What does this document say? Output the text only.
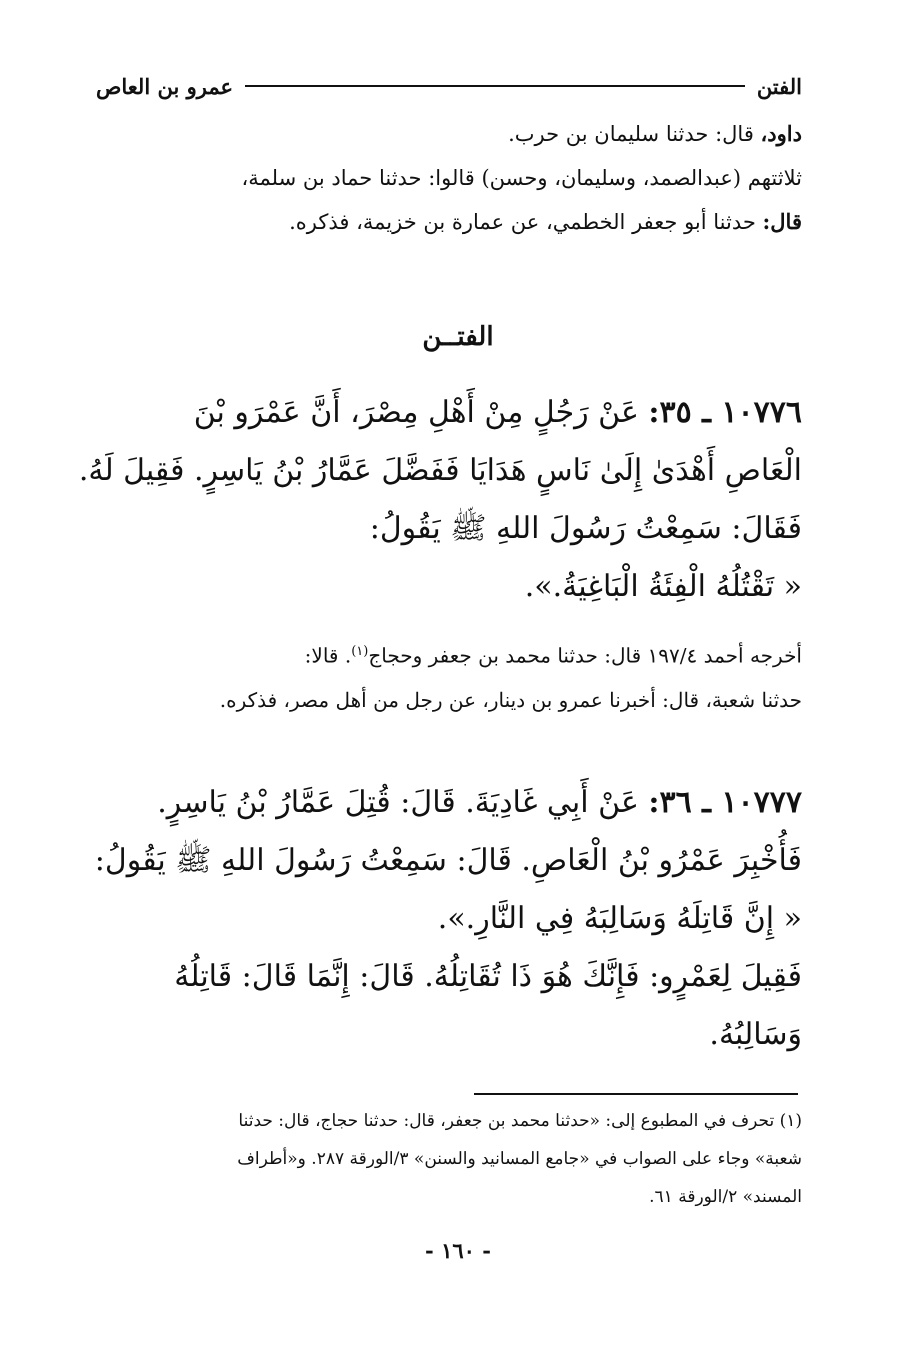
الفتن
عمرو بن العاص

داود، قال: حدثنا سليمان بن حرب.

ثلاثتهم (عبدالصمد، وسليمان، وحسن) قالوا: حدثنا حماد بن سلمة،

قال: حدثنا أبو جعفر الخطمي، عن عمارة بن خزيمة، فذكره.

الفتــن

١٠٧٧٦ ـ ٣٥: عَنْ رَجُلٍ مِنْ أَهْلِ مِصْرَ، أَنَّ عَمْرَو بْنَ

الْعَاصِ أَهْدَىٰ إِلَىٰ نَاسٍ هَدَايَا فَفَضَّلَ عَمَّارُ بْنُ يَاسِرٍ. فَقِيلَ لَهُ.

فَقَالَ: سَمِعْتُ رَسُولَ اللهِ ﷺ يَقُولُ:

« تَقْتُلُهُ الْفِئَةُ الْبَاغِيَةُ.».

أخرجه أحمد ١٩٧/٤ قال: حدثنا محمد بن جعفر وحجاج$^{(١)}$. قالا:

حدثنا شعبة، قال: أخبرنا عمرو بن دينار، عن رجل من أهل مصر، فذكره.

١٠٧٧٧ ـ ٣٦: عَنْ أَبِي غَادِيَةَ. قَالَ: قُتِلَ عَمَّارُ بْنُ يَاسِرٍ.

فَأُخْبِرَ عَمْرُو بْنُ الْعَاصِ. قَالَ: سَمِعْتُ رَسُولَ اللهِ ﷺ يَقُولُ:

« إِنَّ قَاتِلَهُ وَسَالِبَهُ فِي النَّارِ.».

فَقِيلَ لِعَمْرٍو: فَإِنَّكَ هُوَ ذَا تُقَاتِلُهُ. قَالَ: إِنَّمَا قَالَ: قَاتِلُهُ

وَسَالِبُهُ.

(١) تحرف في المطبوع إلى: «حدثنا محمد بن جعفر، قال: حدثنا حجاج، قال: حدثنا

شعبة» وجاء على الصواب في «جامع المسانيد والسنن» ٣/الورقة ٢٨٧. و«أطراف

المسند» ٢/الورقة ٦١.

- ١٦٠ -
